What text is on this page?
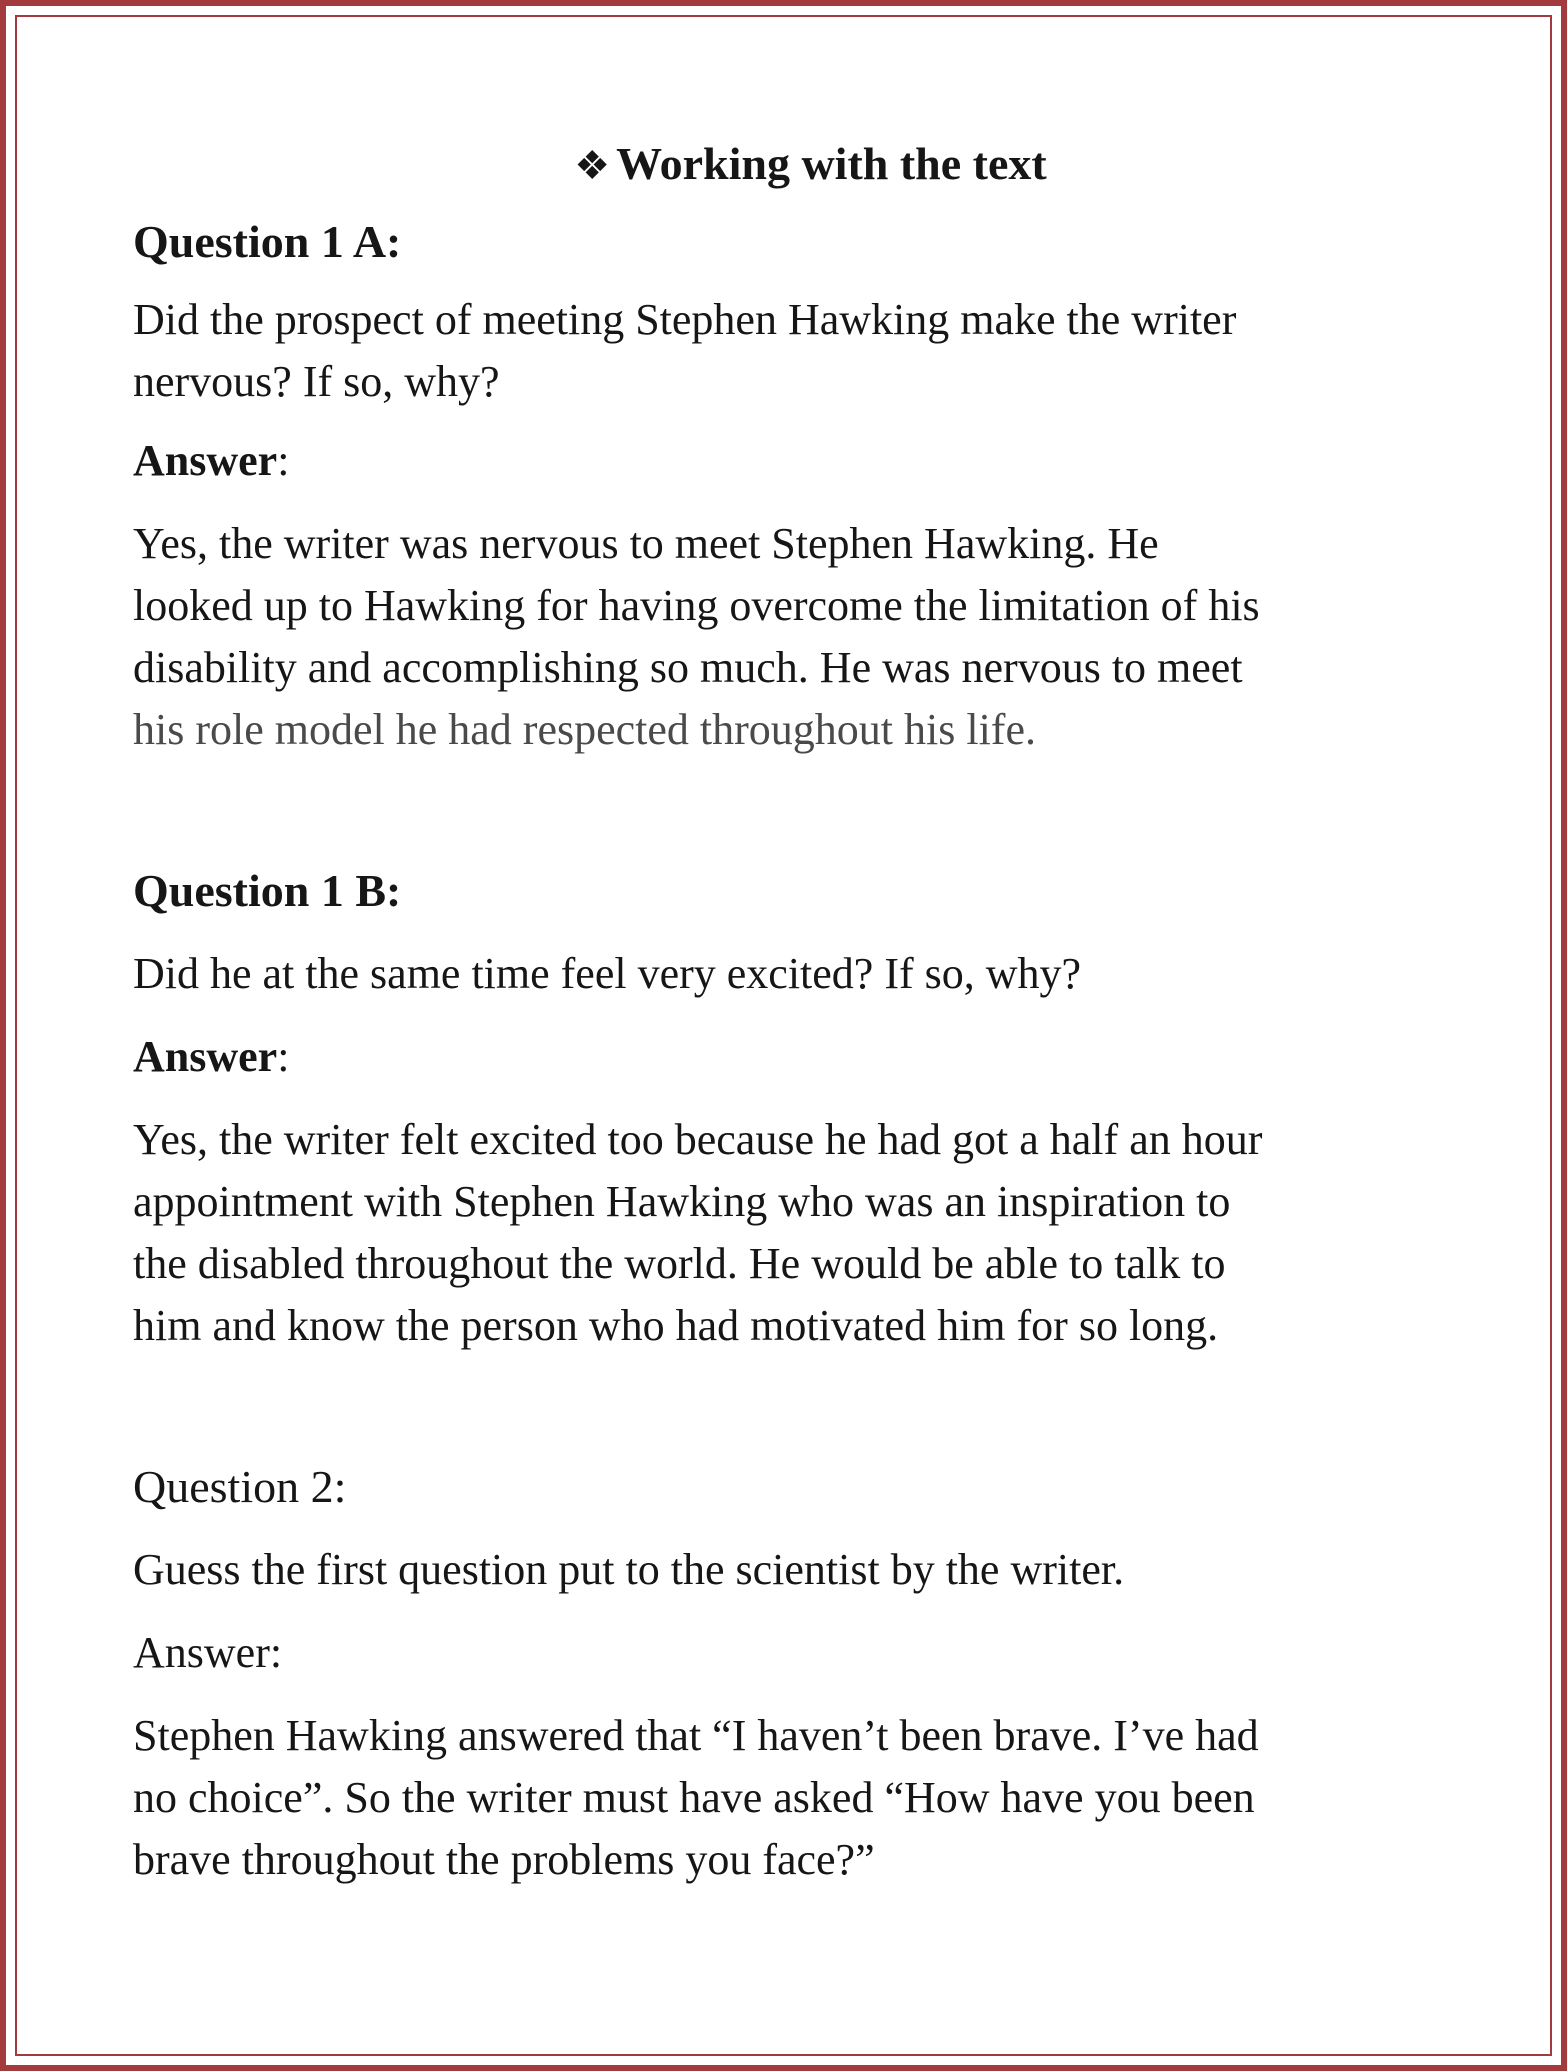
❖ Working with the text

Question 1 A:

Did the prospect of meeting Stephen Hawking make the writer

nervous? If so, why?

Answer:

Yes, the writer was nervous to meet Stephen Hawking. He

looked up to Hawking for having overcome the limitation of his

disability and accomplishing so much. He was nervous to meet

his role model he had respected throughout his life.

Question 1 B:

Did he at the same time feel very excited? If so, why?

Answer:

Yes, the writer felt excited too because he had got a half an hour

appointment with Stephen Hawking who was an inspiration to

the disabled throughout the world. He would be able to talk to

him and know the person who had motivated him for so long.

Question 2:

Guess the first question put to the scientist by the writer.

Answer:

Stephen Hawking answered that “I haven’t been brave. I’ve had

no choice”. So the writer must have asked “How have you been

brave throughout the problems you face?”
